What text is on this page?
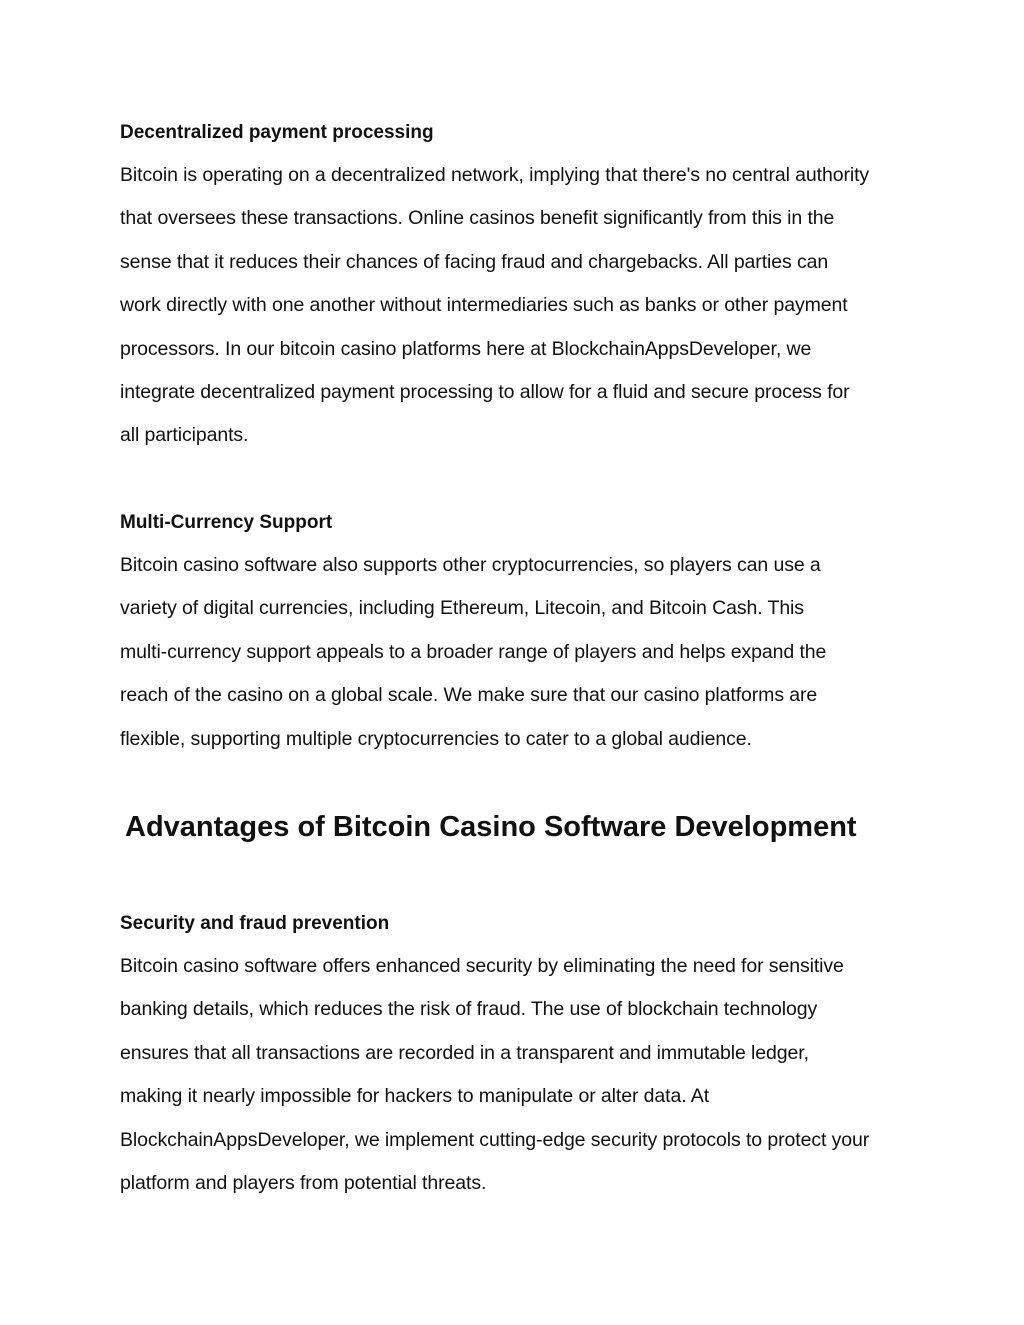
Decentralized payment processing
Bitcoin is operating on a decentralized network, implying that there's no central authority
that oversees these transactions. Online casinos benefit significantly from this in the
sense that it reduces their chances of facing fraud and chargebacks. All parties can
work directly with one another without intermediaries such as banks or other payment
processors. In our bitcoin casino platforms here at BlockchainAppsDeveloper, we
integrate decentralized payment processing to allow for a fluid and secure process for
all participants.
Multi-Currency Support
Bitcoin casino software also supports other cryptocurrencies, so players can use a
variety of digital currencies, including Ethereum, Litecoin, and Bitcoin Cash. This
multi-currency support appeals to a broader range of players and helps expand the
reach of the casino on a global scale. We make sure that our casino platforms are
flexible, supporting multiple cryptocurrencies to cater to a global audience.
Advantages of Bitcoin Casino Software Development
Security and fraud prevention
Bitcoin casino software offers enhanced security by eliminating the need for sensitive
banking details, which reduces the risk of fraud. The use of blockchain technology
ensures that all transactions are recorded in a transparent and immutable ledger,
making it nearly impossible for hackers to manipulate or alter data. At
BlockchainAppsDeveloper, we implement cutting-edge security protocols to protect your
platform and players from potential threats.
